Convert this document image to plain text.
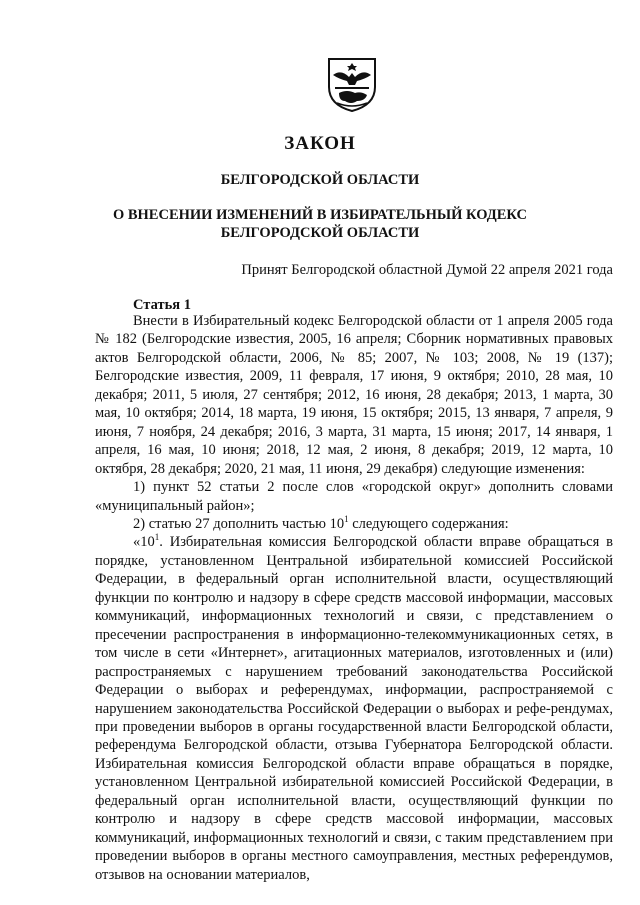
ЗАКОН
БЕЛГОРОДСКОЙ ОБЛАСТИ
О ВНЕСЕНИИ ИЗМЕНЕНИЙ В ИЗБИРАТЕЛЬНЫЙ КОДЕКС
БЕЛГОРОДСКОЙ ОБЛАСТИ
Принят Белгородской областной Думой 22 апреля 2021 года
Статья 1

Внести в Избирательный кодекс Белгородской области от 1 апреля 2005 года № 182 (Белгородские известия, 2005, 16 апреля; Сборник нормативных правовых актов Белгородской области, 2006, № 85; 2007, № 103; 2008, № 19 (137); Белгородские известия, 2009, 11 февраля, 17 июня, 9 октября; 2010, 28 мая, 10 декабря; 2011, 5 июля, 27 сентября; 2012, 16 июня, 28 декабря; 2013, 1 марта, 30 мая, 10 октября; 2014, 18 марта, 19 июня, 15 октября; 2015, 13 января, 7 апреля, 9 июня, 7 ноября, 24 декабря; 2016, 3 марта, 31 марта, 15 июня; 2017, 14 января, 1 апреля, 16 мая, 10 июня; 2018, 12 мая, 2 июня, 8 декабря; 2019, 12 марта, 10 октября, 28 декабря; 2020, 21 мая, 11 июня, 29 декабря) следующие изменения:

1) пункт 52 статьи 2 после слов «городской округ» дополнить словами «муниципальный район»;

2) статью 27 дополнить частью $10^1$ следующего содержания:

«$10^1$. Избирательная комиссия Белгородской области вправе обращаться в порядке, установленном Центральной избирательной комиссией Российской Федерации, в федеральный орган исполнительной власти, осуществляющий функции по контролю и надзору в сфере средств массовой информации, массовых коммуникаций, информационных технологий и связи, с представлением о пресечении распространения в информационно-телекоммуникационных сетях, в том числе в сети «Интернет», агитационных материалов, изготовленных и (или) распространяемых с нарушением требований законодательства Российской Федерации о выборах и референдумах, информации, распространяемой с нарушением законодательства Российской Федерации о выборах и рефе-рендумах, при проведении выборов в органы государственной власти Белгородской области, референдума Белгородской области, отзыва Губернатора Белгородской области. Избирательная комиссия Белгородской области вправе обращаться в порядке, установленном Центральной избирательной комиссией Российской Федерации, в федеральный орган исполнительной власти, осуществляющий функции по контролю и надзору в сфере средств массовой информации, массовых коммуникаций, информационных технологий и связи, с таким представлением при проведении выборов в органы местного самоуправления, местных референдумов, отзывов на основании материалов,
